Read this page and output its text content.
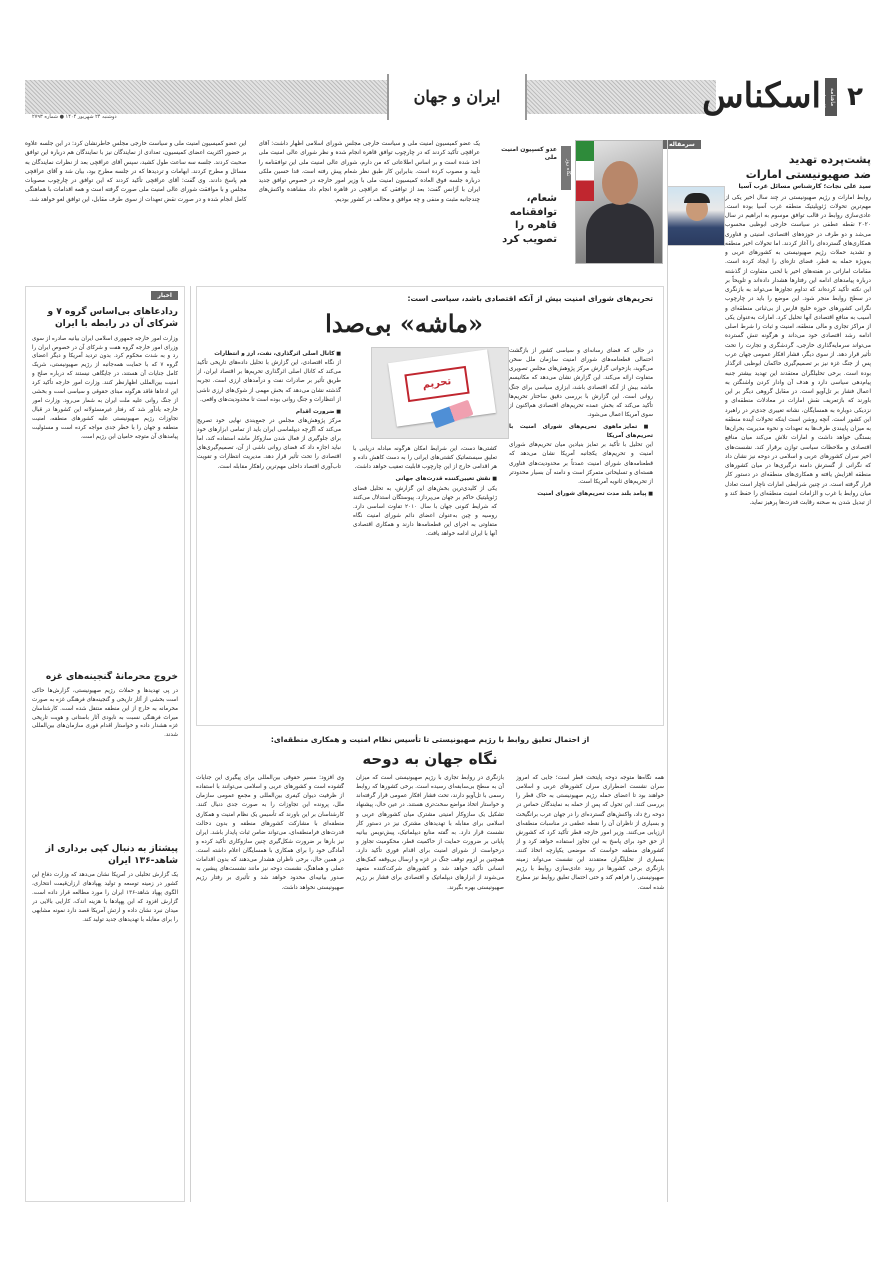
۲
ماهنامه اقتصادی
اسکناس
ایران و جهان
دوشنبه ۲۴ شهریور ۱۴۰۴ ● شماره ۲۷۹۳
نگاه روز
عدو کسپیون امنیت ملی
شعام، توافقنامه قاهره را تصویب کرد
یک عضو کمیسیون امنیت ملی و سیاست خارجی مجلس شورای اسلامی اظهار داشت: آقای عراقچی تأکید کردند که در چارچوب توافق قاهره انجام شده و نظر شورای عالی امنیت ملی اخذ شده است و بر اساس اطلاعاتی که من دارم، شورای عالی امنیت ملی این توافقنامه را تأیید و مصوب کرده است. بنابراین کار طبق نظر شعام پیش رفته است. قدا حسین ملکی درباره جلسه فوق العاده کمیسیون امنیت ملی با وزیر امور خارجه در خصوص توافق جدید ایران با آژانس گفت: بعد از توافقی که عراقچی در قاهره انجام داد مشاهده واکنش‌های چندجانبه مثبت و منفی و چه موافق و مخالف در کشور بودیم.
این عضو کمیسیون امنیت ملی و سیاست خارجی مجلس خاطرنشان کرد: در این جلسه علاوه بر حضور اکثریت اعضای کمیسیون، تعدادی از نمایندگان نیز با نمایندگان هم درباره این توافق صحبت کردند. جلسه سه ساعت طول کشید، سپس آقای عراقچی بعد از نظرات نمایندگان به مسائل و مطرح کردند. ابهامات و تردیدها که در جلسه مطرح بود، بیان شد و آقای عراقچی هم پاسخ دادند. وی گفت: آقای عراقچی تأکید کردند که این توافق در چارچوب مصوبات مجلس و با موافقت شورای عالی امنیت ملی صورت گرفته است و همه اقدامات با هماهنگی کامل انجام شده و در صورت نقض تعهدات از سوی طرف مقابل، این توافق لغو خواهد شد.
سرمقاله
پشت‌پرده تهدید
ضد صهیونیستی امارات
سید علی نجات؛ کارشناس مسائل غرب آسیا
روابط امارات و رژیم صهیونیستی در چند سال اخیر یکی از مهم‌ترین تحولات ژئوپلیتیک منطقه غرب آسیا بوده است. عادی‌سازی روابط در قالب توافق موسوم به ابراهیم در سال ۲۰۲۰ نقطه عطفی در سیاست خارجی ابوظبی محسوب می‌شد و دو طرف در حوزه‌های اقتصادی، امنیتی و فناوری همکاری‌های گسترده‌ای را آغاز کردند. اما تحولات اخیر منطقه و تشدید حملات رژیم صهیونیستی به کشورهای عربی و به‌ویژه حمله به قطر، فضای تازه‌ای را ایجاد کرده است. مقامات اماراتی در هفته‌های اخیر با لحنی متفاوت از گذشته درباره پیامدهای ادامه این رفتارها هشدار داده‌اند و تلویحاً بر این نکته تأکید کرده‌اند که تداوم تجاوزها می‌تواند به بازنگری در سطح روابط منجر شود. این موضع را باید در چارچوب نگرانی کشورهای حوزه خلیج فارس از بی‌ثباتی منطقه‌ای و آسیب به منافع اقتصادی آنها تحلیل کرد. امارات به‌عنوان یکی از مراکز تجاری و مالی منطقه، امنیت و ثبات را شرط اصلی ادامه رشد اقتصادی خود می‌داند و هرگونه تنش گسترده می‌تواند سرمایه‌گذاری خارجی، گردشگری و تجارت را تحت تأثیر قرار دهد. از سوی دیگر، فشار افکار عمومی جهان عرب پس از جنگ غزه نیز بر تصمیم‌گیری حاکمان ابوظبی اثرگذار بوده است. برخی تحلیلگران معتقدند این تهدید بیشتر جنبه پیام‌دهی سیاسی دارد و هدف آن وادار کردن واشنگتن به اعمال فشار بر تل‌آویو است. در مقابل گروهی دیگر بر این باورند که بازتعریف نقش امارات در معادلات منطقه‌ای و نزدیکی دوباره به همسایگان، نشانه تغییری جدی‌تر در راهبرد این کشور است. آنچه روشن است اینکه تحولات آینده منطقه به میزان پایبندی طرف‌ها به تعهدات و نحوه مدیریت بحران‌ها بستگی خواهد داشت و امارات تلاش می‌کند میان منافع اقتصادی و ملاحظات سیاسی توازن برقرار کند. نشست‌های اخیر سران کشورهای عربی و اسلامی در دوحه نیز نشان داد که نگرانی از گسترش دامنه درگیری‌ها در میان کشورهای منطقه افزایش یافته و همکاری‌های منطقه‌ای در دستور کار قرار گرفته است. در چنین شرایطی امارات ناچار است تعادل میان روابط با غرب و الزامات امنیت منطقه‌ای را حفظ کند و از تبدیل شدن به صحنه رقابت قدرت‌ها پرهیز نماید.
اخبار
ردادعاهای بی‌اساس گروه ۷ و شرکای آن در رابطه با ایران
وزارت امور خارجه جمهوری اسلامی ایران بیانیه صادره از سوی وزرای امور خارجه گروه هفت و شرکای آن در خصوص ایران را رد و به شدت محکوم کرد. بدون تردید آمریکا و دیگر اعضای گروه ۷ که با حمایت همه‌جانبه از رژیم صهیونیستی، شریک کامل جنایات آن هستند، در جایگاهی نیستند که درباره صلح و امنیت بین‌المللی اظهارنظر کنند. وزارت امور خارجه تأکید کرد این ادعاها فاقد هرگونه مبنای حقوقی و سیاسی است و بخشی از جنگ روانی علیه ملت ایران به شمار می‌رود. وزارت امور خارجه یادآور شد که رفتار غیرمسئولانه این کشورها در قبال تجاوزات رژیم صهیونیستی علیه کشورهای منطقه، امنیت منطقه و جهان را با خطر جدی مواجه کرده است و مسئولیت پیامدهای آن متوجه حامیان این رژیم است.
خروج محرمانهٔ گنجینه‌های غزه
در پی تهدیدها و حملات رژیم صهیونیستی، گزارش‌ها حاکی است بخشی از آثار تاریخی و گنجینه‌های فرهنگی غزه به صورت محرمانه به خارج از این منطقه منتقل شده است. کارشناسان میراث فرهنگی نسبت به نابودی آثار باستانی و هویت تاریخی غزه هشدار داده و خواستار اقدام فوری سازمان‌های بین‌المللی شدند.
پیشتاز به دنبال کپی برداری از شاهد-۱۳۶ ایران
یک گزارش تحلیلی در آمریکا نشان می‌دهد که وزارت دفاع این کشور در زمینه توسعه و تولید پهپادهای ارزان‌قیمت انتحاری، الگوی پهپاد شاهد-۱۳۶ ایران را مورد مطالعه قرار داده است. گزارش افزود که این پهپادها با هزینه اندک، کارایی بالایی در میدان نبرد نشان داده و ارتش آمریکا قصد دارد نمونه مشابهی را برای مقابله با تهدیدهای جدید تولید کند.
تحریم‌های شورای امنیت بیش از آنکه اقتصادی باشد، سیاسی است:
«ماشه» بی‌صدا
در حالی که فضای رسانه‌ای و سیاسی کشور از بازگشت احتمالی قطعنامه‌های شورای امنیت سازمان ملل سخن می‌گوید، بازخوانی گزارش مرکز پژوهش‌های مجلس تصویری متفاوت ارائه می‌کند. این گزارش نشان می‌دهد که مکانیسم ماشه بیش از آنکه اقتصادی باشد، ابزاری سیاسی برای جنگ روانی است. این گزارش با بررسی دقیق ساختار تحریم‌ها تأکید می‌کند که بخش عمده تحریم‌های اقتصادی هم‌اکنون از سوی آمریکا اعمال می‌شود.
■ تمایز ماهوی تحریم‌های شورای امنیت با تحریم‌های آمریکا
این تحلیل با تأکید بر تمایز بنیادین میان تحریم‌های شورای امنیت و تحریم‌های یکجانبه آمریکا نشان می‌دهد که قطعنامه‌های شورای امنیت عمدتاً بر محدودیت‌های فناوری هسته‌ای و تسلیحاتی متمرکز است و دامنه آن بسیار محدودتر از تحریم‌های ثانویه آمریکا است.
■ پیامد بلند مدت تحریم‌های شورای امنیت
کشتی‌ها دست، این شرایط امکان هرگونه مبادله دریایی با تعلیق سیستماتیک کشتی‌های ایرانی را به دست کاهش داده و هر اقدامی خارج از این چارچوب قابلیت تعقیب خواهد داشت.
■ نقش تعیین‌کننده قدرت‌های جهانی
یکی از کلیدی‌ترین بخش‌های این گزارش، به تحلیل فضای ژئوپلیتیک حاکم بر جهان می‌پردازد. پیوستگان استدلال می‌کنند که شرایط کنونی جهان با سال ۲۰۱۰ تفاوت اساسی دارد. روسیه و چین به‌عنوان اعضای دائم شورای امنیت نگاه متفاوتی به اجرای این قطعنامه‌ها دارند و همکاری اقتصادی آنها با ایران ادامه خواهد یافت.
■ کانال اصلی اثرگذاری، نفت، ارز و انتظارات
از نگاه اقتصادی، این گزارش با تحلیل داده‌های تاریخی تأکید می‌کند که کانال اصلی اثرگذاری تحریم‌ها بر اقتصاد ایران، از طریق تأثیر بر صادرات نفت و درآمدهای ارزی است. تجربه گذشته نشان می‌دهد که بخش مهمی از شوک‌های ارزی ناشی از انتظارات و جنگ روانی بوده است تا محدودیت‌های واقعی.
■ ضرورت اقدام
مرکز پژوهش‌های مجلس در جمع‌بندی نهایی خود تصریح می‌کند که اگرچه دیپلماسی ایران باید از تمامی ابزارهای خود برای جلوگیری از فعال شدن سازوکار ماشه استفاده کند، اما نباید اجازه داد که فضای روانی ناشی از آن، تصمیم‌گیری‌های اقتصادی را تحت تأثیر قرار دهد. مدیریت انتظارات و تقویت تاب‌آوری اقتصاد داخلی مهم‌ترین راهکار مقابله است.
تحریم
از احتمال تعلیق روابط با رژیم صهیونیستی تا تأسیس نظام امنیت و همکاری منطقه‌ای:
نگاه جهان به دوحه
همه نگاه‌ها متوجه دوحه پایتخت قطر است؛ جایی که امروز سران نشست اضطراری سران کشورهای عربی و اسلامی خواهند بود تا اعضای حمله رژیم صهیونیستی به خاک قطر را بررسی کنند. این تحول که پس از حمله به نمایندگان حماس در دوحه رخ داد، واکنش‌های گسترده‌ای را در جهان عرب برانگیخت و بسیاری از ناظران آن را نقطه عطفی در مناسبات منطقه‌ای ارزیابی می‌کنند. وزیر امور خارجه قطر تأکید کرد که کشورش از حق خود برای پاسخ به این تجاوز استفاده خواهد کرد و از کشورهای منطقه خواست که موضعی یکپارچه اتخاذ کنند. بسیاری از تحلیلگران معتقدند این نشست می‌تواند زمینه بازنگری برخی کشورها در روند عادی‌سازی روابط با رژیم صهیونیستی را فراهم کند و حتی احتمال تعلیق روابط نیز مطرح شده است.
بازنگری در روابط تجاری با رژیم صهیونیستی است که میزان آن به سطح بی‌سابقه‌ای رسیده است. برخی کشورها که روابط رسمی با تل‌آویو دارند، تحت فشار افکار عمومی قرار گرفته‌اند و خواستار اتخاذ مواضع سخت‌تری هستند. در عین حال، پیشنهاد تشکیل یک سازوکار امنیتی مشترک میان کشورهای عربی و اسلامی برای مقابله با تهدیدهای مشترک نیز در دستور کار نشست قرار دارد. به گفته منابع دیپلماتیک، پیش‌نویس بیانیه پایانی بر ضرورت حمایت از حاکمیت قطر، محکومیت تجاوز و درخواست از شورای امنیت برای اقدام فوری تأکید دارد. همچنین بر لزوم توقف جنگ در غزه و ارسال بی‌وقفه کمک‌های انسانی تأکید خواهد شد و کشورهای شرکت‌کننده متعهد می‌شوند از ابزارهای دیپلماتیک و اقتصادی برای فشار بر رژیم صهیونیستی بهره بگیرند.
وی افزود: مسیر حقوقی بین‌المللی برای پیگیری این جنایات گشوده است و کشورهای عربی و اسلامی می‌توانند با استفاده از ظرفیت دیوان کیفری بین‌المللی و مجمع عمومی سازمان ملل، پرونده این تجاوزات را به صورت جدی دنبال کنند. کارشناسان بر این باورند که تأسیس یک نظام امنیت و همکاری منطقه‌ای با مشارکت کشورهای منطقه و بدون دخالت قدرت‌های فرامنطقه‌ای، می‌تواند ضامن ثبات پایدار باشد. ایران نیز بارها بر ضرورت شکل‌گیری چنین سازوکاری تأکید کرده و آمادگی خود را برای همکاری با همسایگان اعلام داشته است. در همین حال، برخی ناظران هشدار می‌دهند که بدون اقدامات عملی و هماهنگ، نشست دوحه نیز مانند نشست‌های پیشین به صدور بیانیه‌ای محدود خواهد شد و تأثیری بر رفتار رژیم صهیونیستی نخواهد داشت.
